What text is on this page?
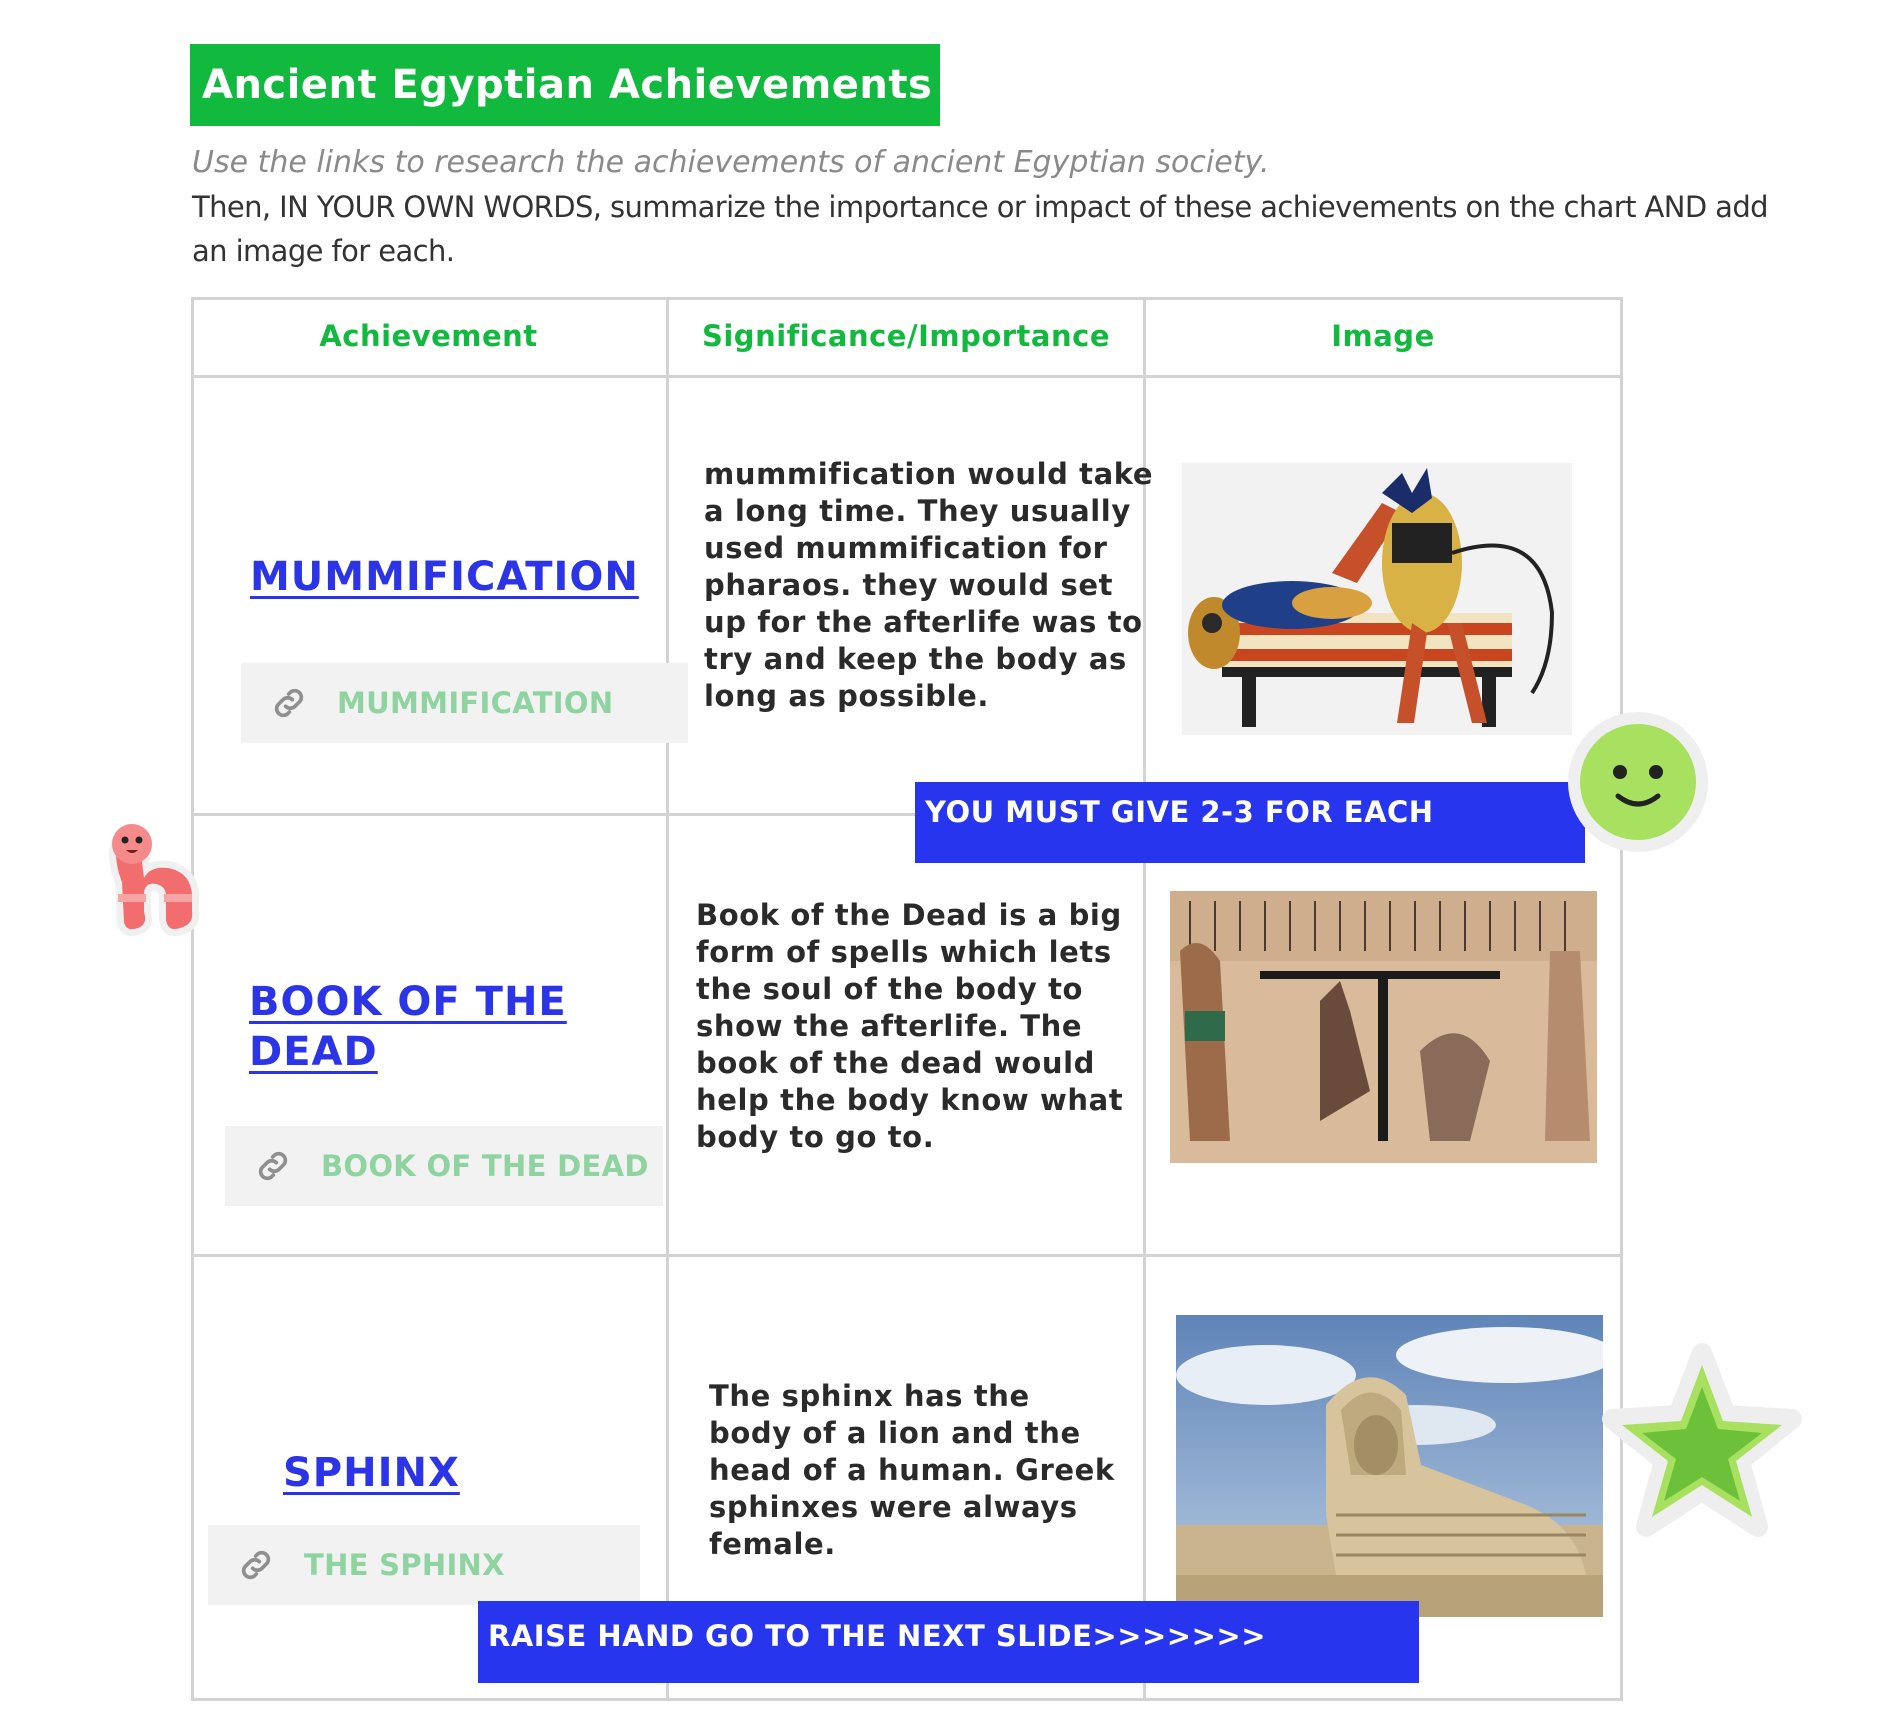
Ancient Egyptian Achievements
Use the links to research the achievements of ancient Egyptian society.
Then, IN YOUR OWN WORDS, summarize the importance or impact of these achievements on the chart AND add an image for each.
Achievement	Significance/Importance	Image
MUMMIFICATION
MUMMIFICATION
mummification would take
a long time. They usually
used mummification for
pharaos. they would set
up for the afterlife was to
try and keep the body as
long as possible.
BOOK OF THE
DEAD
BOOK OF THE DEAD
Book of the Dead is a big
form of spells which lets
the soul of the body to
show the afterlife. The
book of the dead would
help the body know what
body to go to.
SPHINX
THE SPHINX
The sphinx has the
body of a lion and the
head of a human. Greek
sphinxes were always
female.
YOU MUST GIVE 2-3 FOR EACH
RAISE HAND GO TO THE NEXT SLIDE>>>>>>>
